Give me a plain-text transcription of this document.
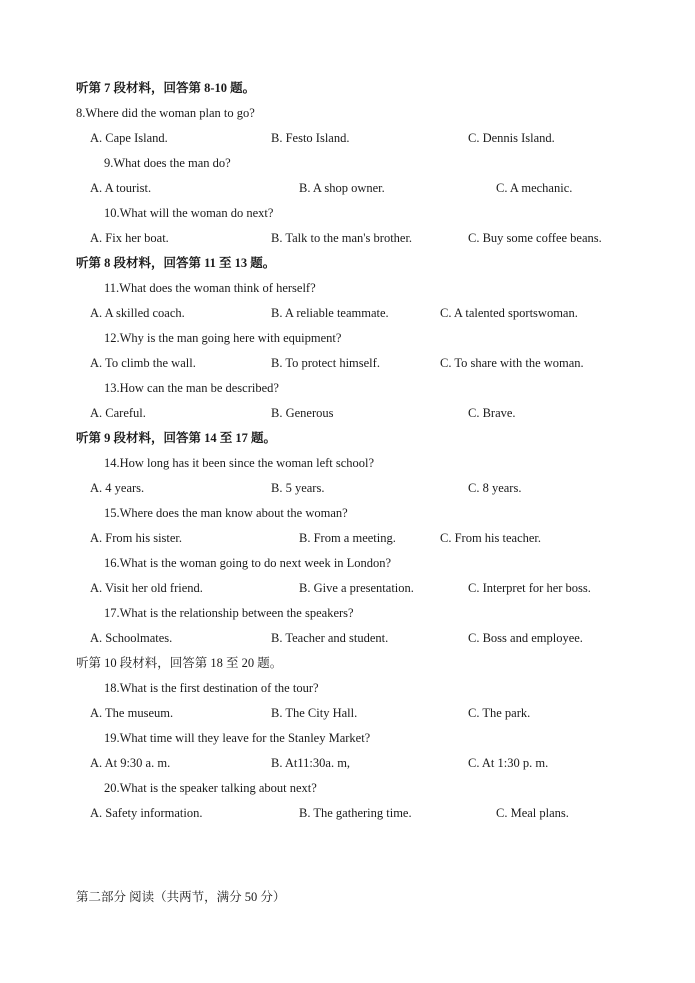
听第 7 段材料，回答第 8-10 题。
8.Where did the woman plan to go?
A. Cape Island.	B. Festo Island.	C. Dennis Island.
9.What does the man do?
A. A tourist.	B. A shop owner.	C. A mechanic.
10.What will the woman do next?
A. Fix her boat.	B. Talk to the man's brother.	C. Buy some coffee beans.
听第 8 段材料，回答第 11 至 13 题。
11.What does the woman think of herself?
A. A skilled coach.	B. A reliable teammate.	C. A talented sportswoman.
12.Why is the man going here with equipment?
A. To climb the wall.	B. To protect himself.	C. To share with the woman.
13.How can the man be described?
A. Careful.	B. Generous	C. Brave.
听第 9 段材料，回答第 14 至 17 题。
14.How long has it been since the woman left school?
A. 4 years.	B. 5 years.	C. 8 years.
15.Where does the man know about the woman?
A. From his sister.	B. From a meeting.	C. From his teacher.
16.What is the woman going to do next week in London?
A. Visit her old friend.	B. Give a presentation.	C. Interpret for her boss.
17.What is the relationship between the speakers?
A. Schoolmates.	B. Teacher and student.	C. Boss and employee.
听第 10 段材料，回答第 18 至 20 题。
18.What is the first destination of the tour?
A. The museum.	B. The City Hall.	C. The park.
19.What time will they leave for the Stanley Market?
A. At 9:30 a. m.	B. At11:30a. m,	C. At 1:30 p. m.
20.What is the speaker talking about next?
A. Safety information.	B. The gathering time.	C. Meal plans.
第二部分 阅读（共两节，满分 50 分）
